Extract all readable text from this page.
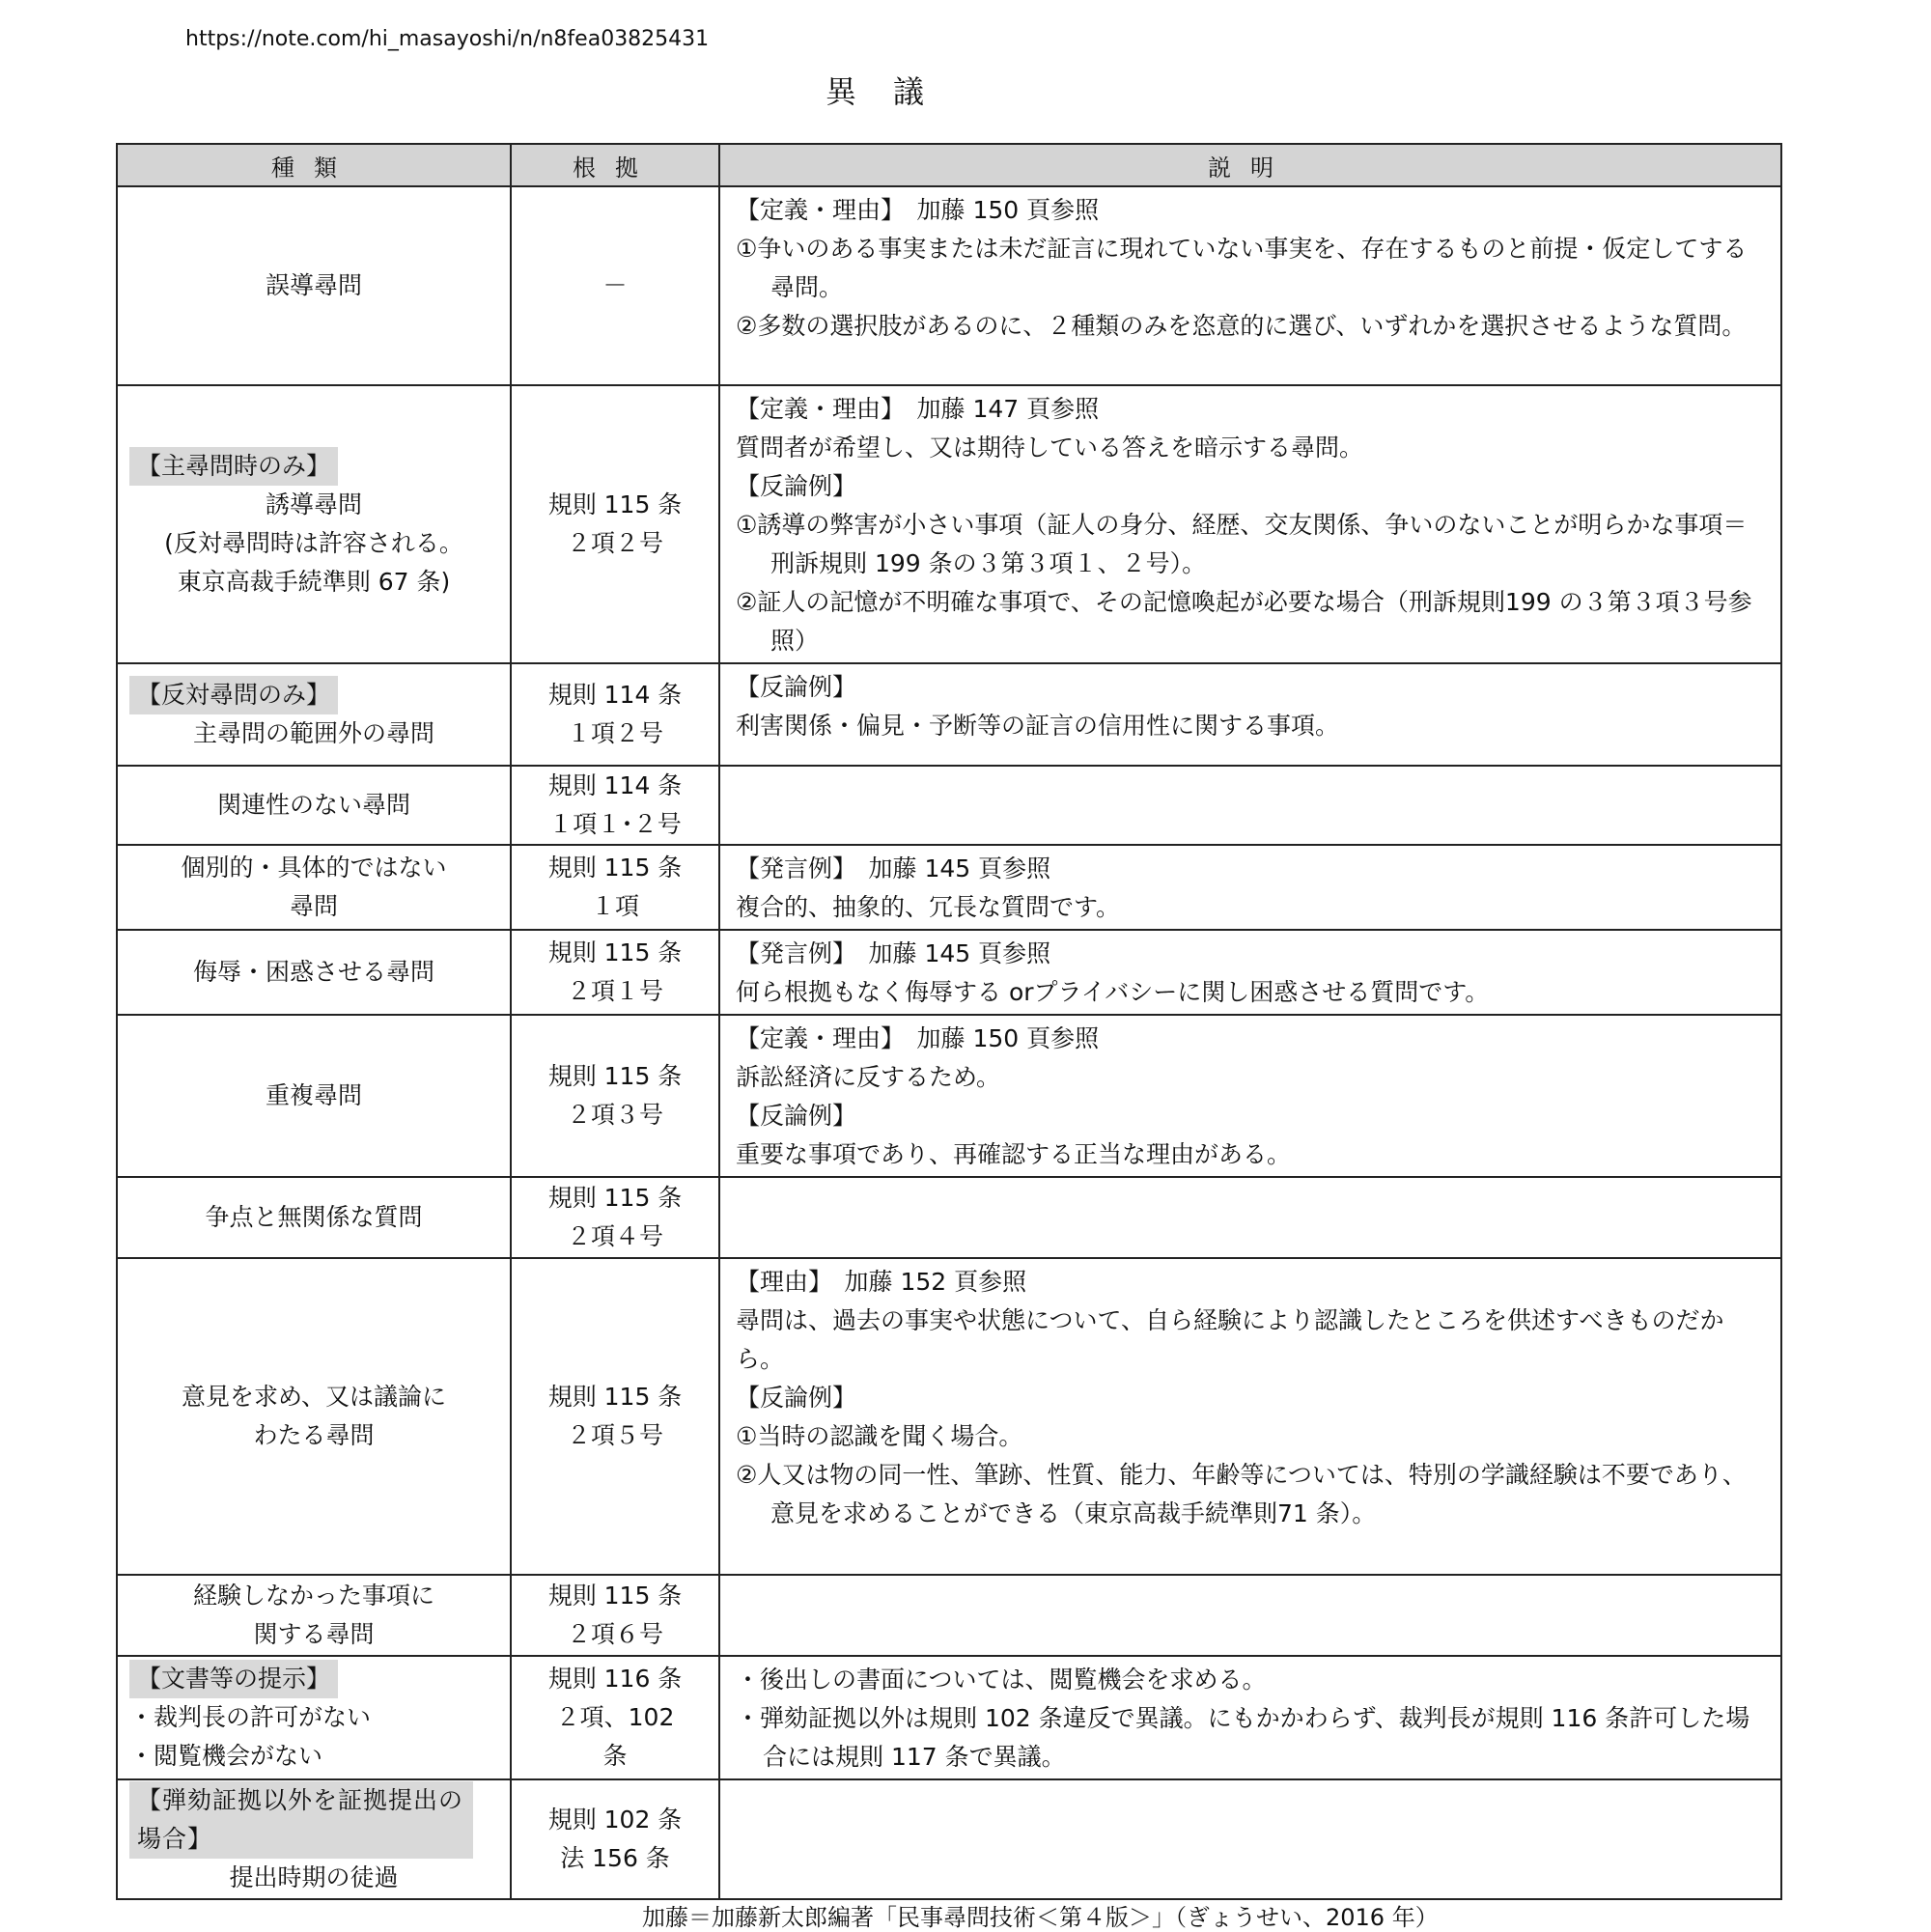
https://note.com/hi_masayoshi/n/n8fea03825431
異議
種類	根拠	説明

誤導尋問	－	【定義・理由】　加藤 150 頁参照
①争いのある事実または未だ証言に現れていない事実を、存在するものと前提・仮定してする尋問。
②多数の選択肢があるのに、２種類のみを恣意的に選び、いずれかを選択させるような質問。

【主尋問時のみ】
誘導尋問
(反対尋問時は許容される。
東京高裁手続準則 67 条)	規則 115 条
２項２号	【定義・理由】　加藤 147 頁参照
質問者が希望し、又は期待している答えを暗示する尋問。
【反論例】
①誘導の弊害が小さい事項（証人の身分、経歴、交友関係、争いのないことが明らかな事項＝刑訴規則 199 条の３第３項１、２号）。
②証人の記憶が不明確な事項で、その記憶喚起が必要な場合（刑訴規則199 の３第３項３号参照）

【反対尋問のみ】
主尋問の範囲外の尋問	規則 114 条
１項２号	【反論例】
利害関係・偏見・予断等の証言の信用性に関する事項。

関連性のない尋問	規則 114 条
１項１･２号	

個別的・具体的ではない
尋問	規則 115 条
１項	【発言例】　加藤 145 頁参照
複合的、抽象的、冗長な質問です。

侮辱・困惑させる尋問	規則 115 条
２項１号	【発言例】　加藤 145 頁参照
何ら根拠もなく侮辱する orプライバシーに関し困惑させる質問です。

重複尋問	規則 115 条
２項３号	【定義・理由】　加藤 150 頁参照
訴訟経済に反するため。
【反論例】
重要な事項であり、再確認する正当な理由がある。

争点と無関係な質問	規則 115 条
２項４号	

意見を求め、又は議論に
わたる尋問	規則 115 条
２項５号	【理由】　加藤 152 頁参照
尋問は、過去の事実や状態について、自ら経験により認識したところを供述すべきものだから。
【反論例】
①当時の認識を聞く場合。
②人又は物の同一性、筆跡、性質、能力、年齢等については、特別の学識経験は不要であり、意見を求めることができる（東京高裁手続準則71 条）。

経験しなかった事項に
関する尋問	規則 115 条
２項６号	

【文書等の提示】
・裁判長の許可がない
・閲覧機会がない	規則 116 条
２項、102
条	・後出しの書面については、閲覧機会を求める。
・弾劾証拠以外は規則 102 条違反で異議。にもかかわらず、裁判長が規則 116 条許可した場合には規則 117 条で異議。

【弾劾証拠以外を証拠提出の場合】
提出時期の徒過	規則 102 条
法 156 条	

加藤＝加藤新太郎編著「民事尋問技術＜第４版＞」（ぎょうせい、2016 年）
